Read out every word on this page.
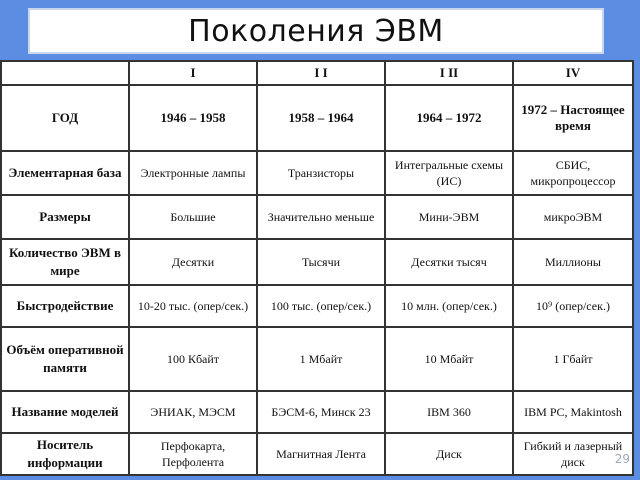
Поколения ЭВМ
	I	I I	I II	IV
ГОД	1946 – 1958	1958 – 1964	1964 – 1972	1972 – Настоящее время
Элементарная база	Электронные лампы	Транзисторы	Интегральные схемы (ИС)	СБИС, микропроцессор
Размеры	Большие	Значительно меньше	Мини-ЭВМ	микроЭВМ
Количество ЭВМ в мире	Десятки	Тысячи	Десятки тысяч	Миллионы
Быстродействие	10-20 тыс. (опер/сек.)	100 тыс. (опер/сек.)	10 млн. (опер/сек.)	10⁹ (опер/сек.)
Объём оперативной памяти	100 Кбайт	1 Мбайт	10 Мбайт	1 Гбайт
Название моделей	ЭНИАК, МЭСМ	БЭСМ-6, Минск 23	IBM 360	IBM PC, Makintosh
Носитель информации	Перфокарта, Перфолента	Магнитная Лента	Диск	Гибкий и лазерный диск 29
